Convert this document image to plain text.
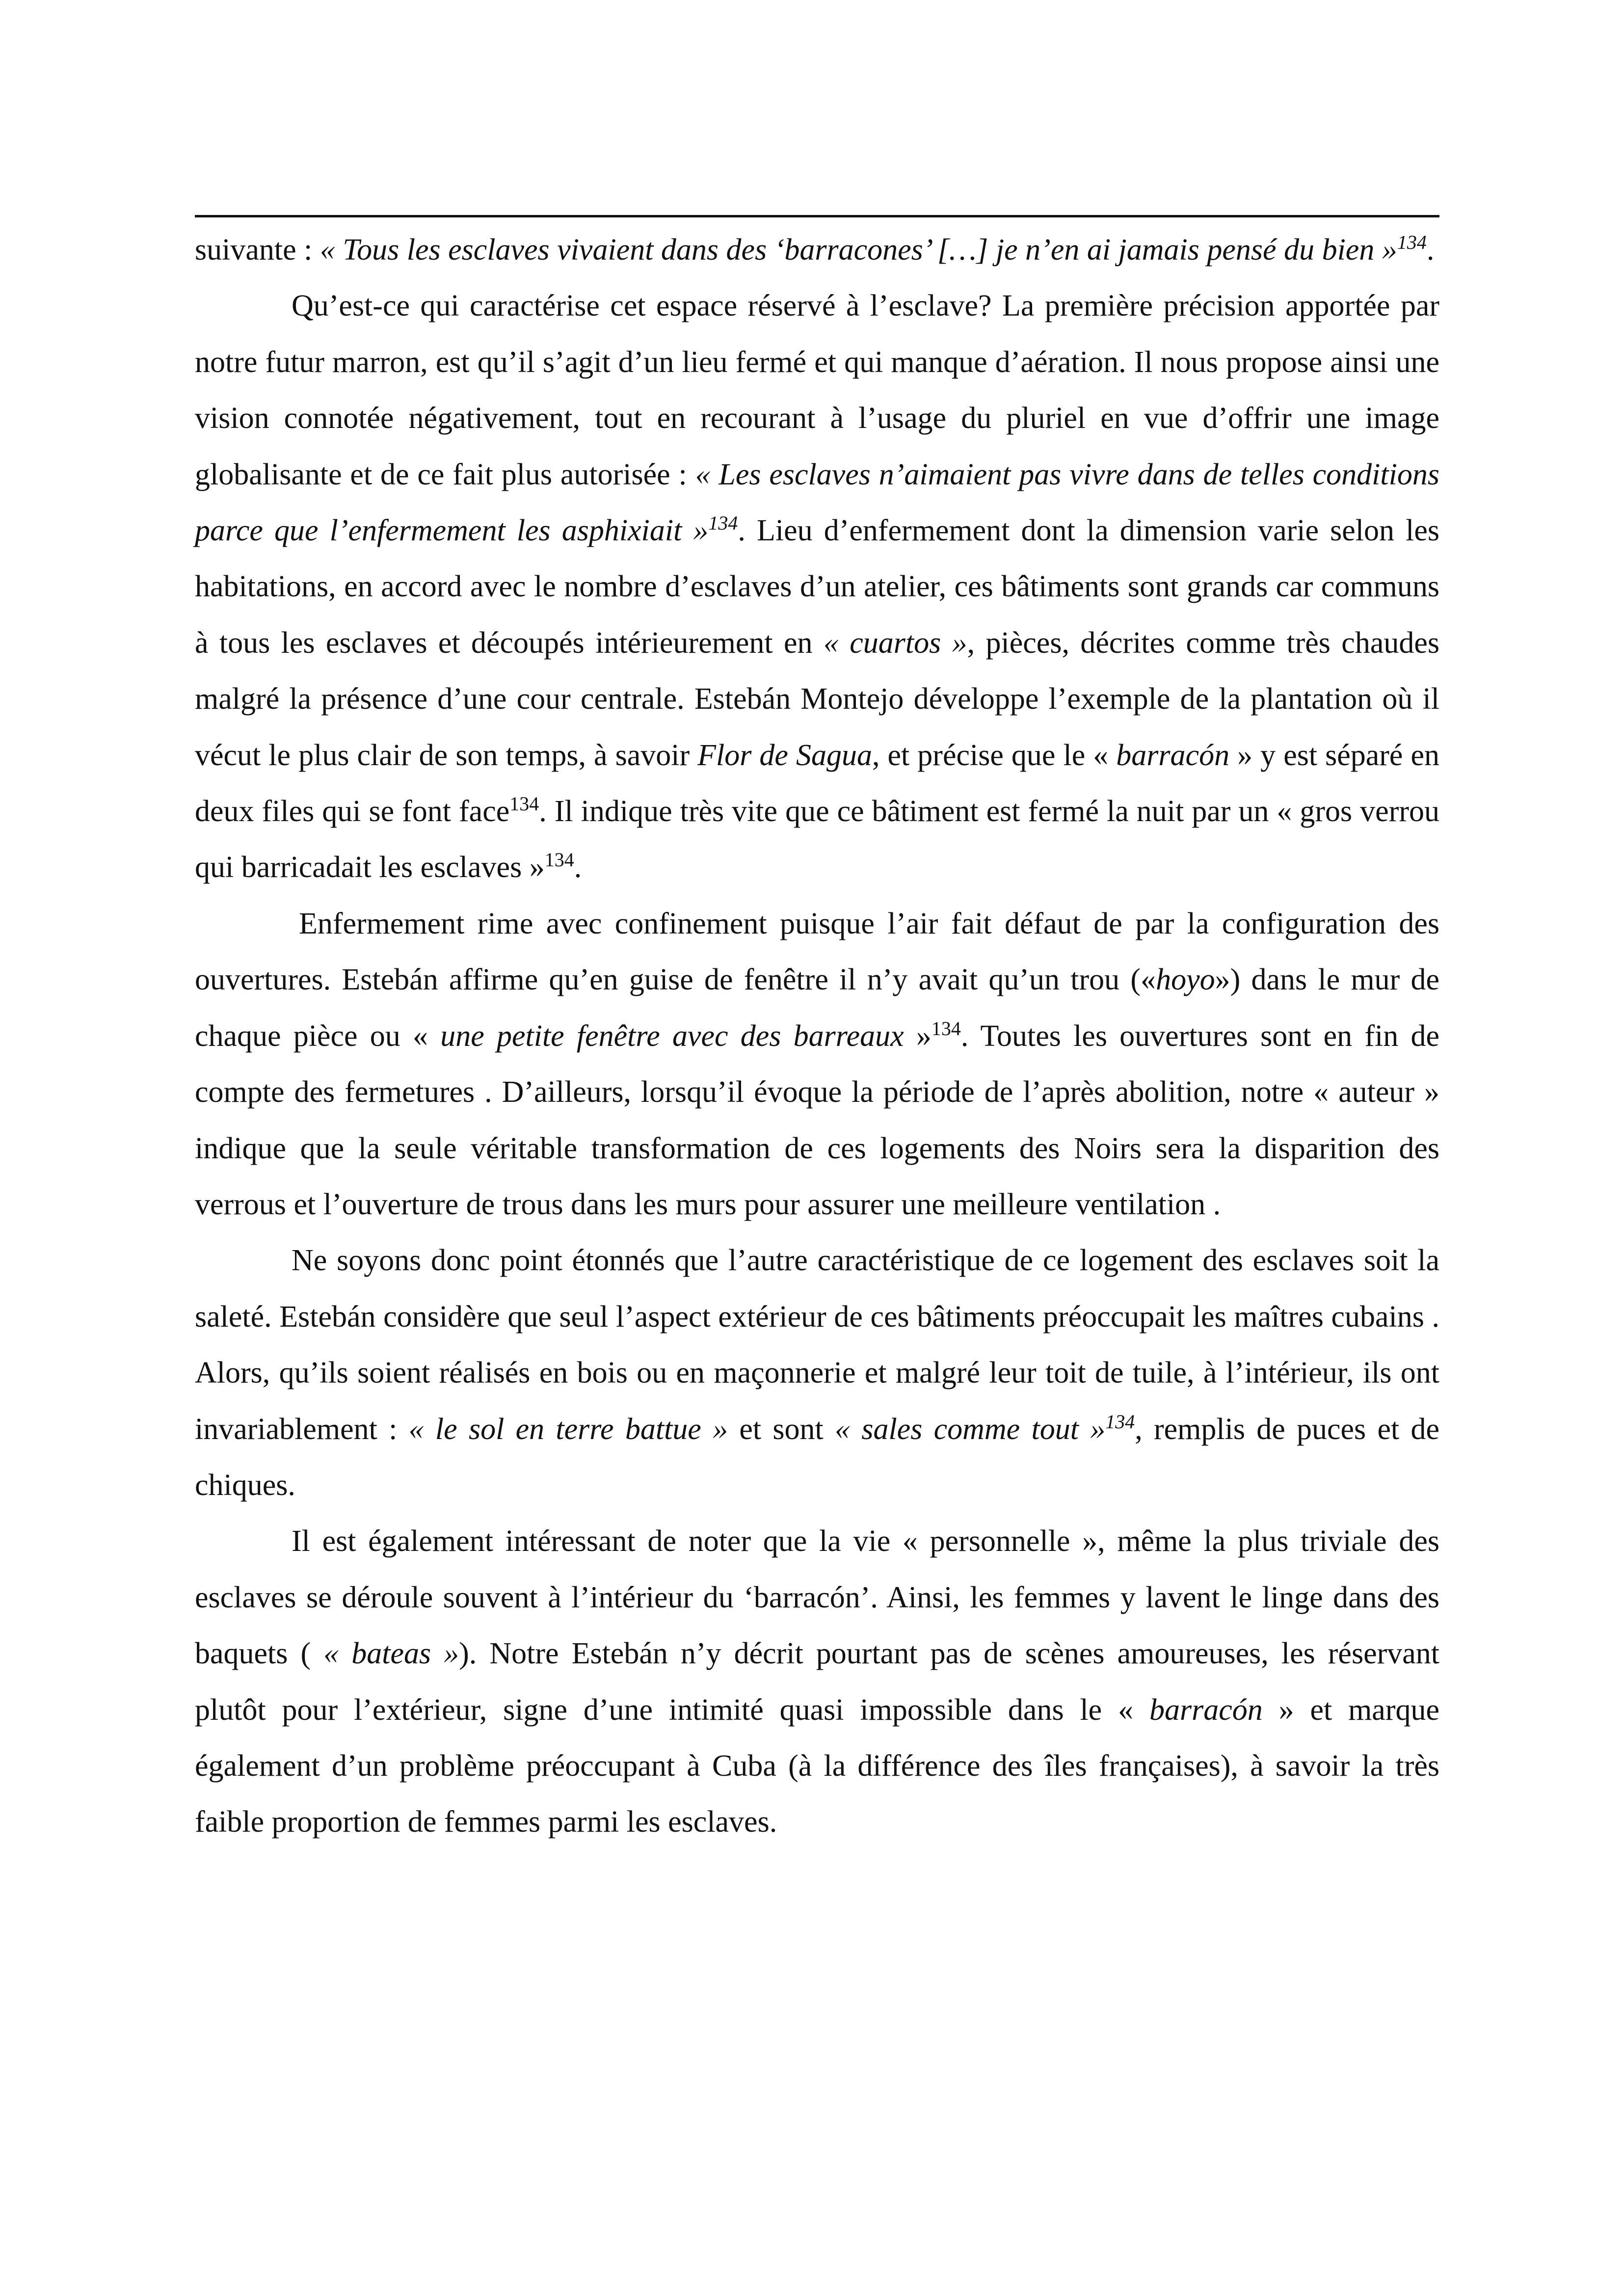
suivante : « Tous les esclaves vivaient dans des ‘barracones’ […] je n’en ai jamais pensé du bien »$^{134}$.

Qu’est-ce qui caractérise cet espace réservé à l’esclave? La première précision apportée par notre futur marron, est qu’il s’agit d’un lieu fermé et qui manque d’aération. Il nous propose ainsi une vision connotée négativement, tout en recourant à l’usage du pluriel en vue d’offrir une image globalisante et de ce fait plus autorisée : « Les esclaves n’aimaient pas vivre dans de telles conditions parce que l’enfermement les asphixiait »$^{134}$. Lieu d’enfermement dont la dimension varie selon les habitations, en accord avec le nombre d’esclaves d’un atelier, ces bâtiments sont grands car communs à tous les esclaves et découpés intérieurement en « cuartos », pièces, décrites comme très chaudes malgré la présence d’une cour centrale. Estebán Montejo développe l’exemple de la plantation où il vécut le plus clair de son temps, à savoir Flor de Sagua, et précise que le « barracón » y est séparé en deux files qui se font face$^{134}$. Il indique très vite que ce bâtiment est fermé la nuit par un « gros verrou qui barricadait les esclaves »$^{134}$.

Enfermement rime avec confinement puisque l’air fait défaut de par la configuration des ouvertures. Estebán affirme qu’en guise de fenêtre il n’y avait qu’un trou («hoyo») dans le mur de chaque pièce ou « une petite fenêtre avec des barreaux »$^{134}$. Toutes les ouvertures sont en fin de compte des fermetures . D’ailleurs, lorsqu’il évoque la période de l’après abolition, notre « auteur » indique que la seule véritable transformation de ces logements des Noirs sera la disparition des verrous et l’ouverture de trous dans les murs pour assurer une meilleure ventilation .

Ne soyons donc point étonnés que l’autre caractéristique de ce logement des esclaves soit la saleté. Estebán considère que seul l’aspect extérieur de ces bâtiments préoccupait les maîtres cubains . Alors, qu’ils soient réalisés en bois ou en maçonnerie et malgré leur toit de tuile, à l’intérieur, ils ont invariablement : « le sol en terre battue » et sont « sales comme tout »$^{134}$, remplis de puces et de chiques.

Il est également intéressant de noter que la vie « personnelle », même la plus triviale des esclaves se déroule souvent à l’intérieur du ‘barracón’. Ainsi, les femmes y lavent le linge dans des baquets ( « bateas »). Notre Estebán n’y décrit pourtant pas de scènes amoureuses, les réservant plutôt pour l’extérieur, signe d’une intimité quasi impossible dans le « barracón » et marque également d’un problème préoccupant à Cuba (à la différence des îles françaises), à savoir la très faible proportion de femmes parmi les esclaves.
